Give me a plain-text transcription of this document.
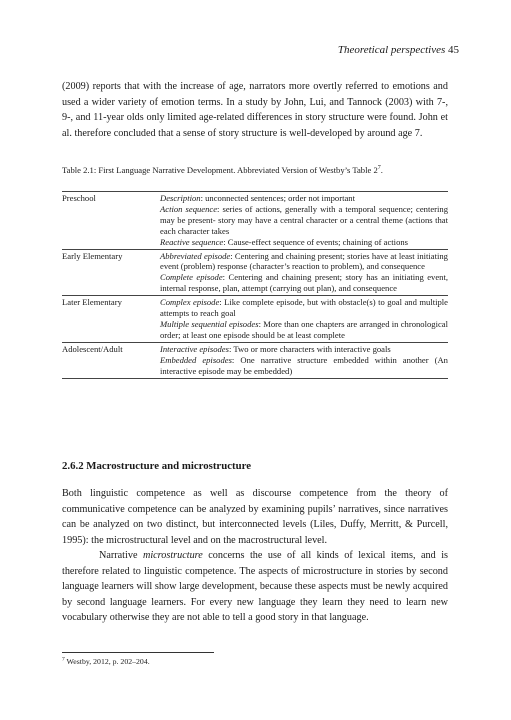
Theoretical perspectives 45

(2009) reports that with the increase of age, narrators more overtly referred to emotions and used a wider variety of emotion terms. In a study by John, Lui, and Tannock (2003) with 7-, 9-, and 11-year olds only limited age-related differences in story structure were found. John et al. therefore concluded that a sense of story structure is well-developed by around age 7.

Table 2.1: First Language Narrative Development. Abbreviated Version of Westby’s Table $2^7$.

Preschool	Description: unconnected sentences; order not important
Action sequence: series of actions, generally with a temporal sequence; centering may be present- story may have a central character or a central theme (actions that each character takes
Reactive sequence: Cause-effect sequence of events; chaining of actions

Early Elementary	Abbreviated episode: Centering and chaining present; stories have at least initiating event (problem) response (character’s reaction to problem), and consequence
Complete episode: Centering and chaining present; story has an initiating event, internal response, plan, attempt (carrying out plan), and consequence

Later Elementary	Complex episode: Like complete episode, but with obstacle(s) to goal and multiple attempts to reach goal
Multiple sequential episodes: More than one chapters are arranged in chronological order; at least one episode should be at least complete

Adolescent/Adult	Interactive episodes: Two or more characters with interactive goals
Embedded episodes: One narrative structure embedded within another (An interactive episode may be embedded)
2.6.2 Macrostructure and microstructure

Both linguistic competence as well as discourse competence from the theory of communicative competence can be analyzed by examining pupils’ narratives, since narratives can be analyzed on two distinct, but interconnected levels (Liles, Duffy, Merritt, & Purcell, 1995): the microstructural level and on the macrostructural level.

Narrative microstructure concerns the use of all kinds of lexical items, and is therefore related to linguistic competence. The aspects of microstructure in stories by second language learners will show large development, because these aspects must be newly acquired by second language learners. For every new language they learn they need to learn new vocabulary otherwise they are not able to tell a good story in that language.

$^7$ Westby, 2012, p. 202–204.
